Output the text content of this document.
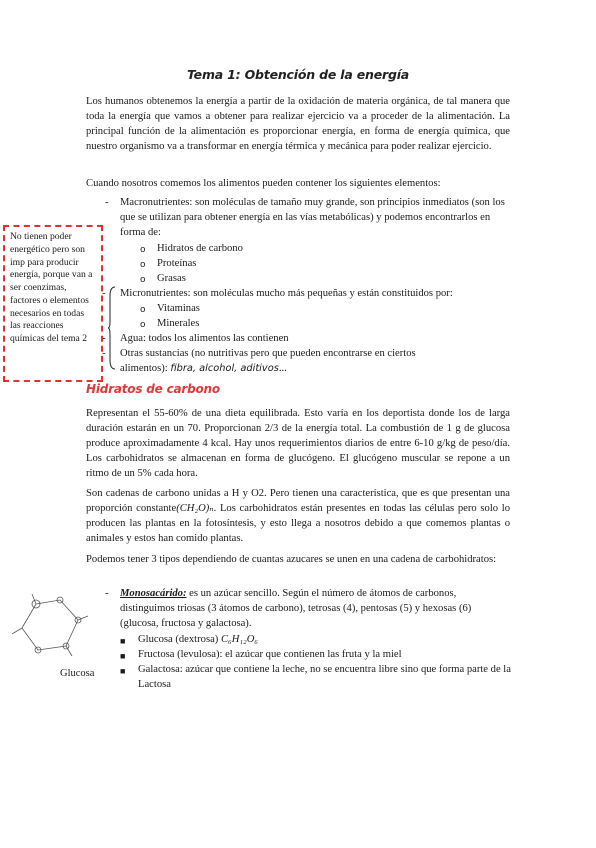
Tema 1: Obtención de la energía

Los humanos obtenemos la energía a partir de la oxidación de materia orgánica, de tal manera que toda la energía que vamos a obtener para realizar ejercicio va a proceder de la alimentación. La principal función de la alimentación es proporcionar energía, en forma de energía química, que nuestro organismo va a transformar en energía térmica y mecánica para poder realizar ejercicio.

Cuando nosotros comemos los alimentos pueden contener los siguientes elementos:

- Macronutrientes: son moléculas de tamaño muy grande, son principios inmediatos (son los que se utilizan para obtener energía en las vías metabólicas) y podemos encontrarlos en forma de:

o Hidratos de carbono
o Proteínas
o Grasas
- Micronutrientes: son moléculas mucho más pequeñas y están constituidos por:
o Vitaminas
o Minerales
- Agua: todos los alimentos las contienen
- Otras sustancias (no nutritivas pero que pueden encontrarse en ciertos
alimentos): fibra, alcohol, aditivos...
No tienen poder energético pero son imp para producir energía, porque van a ser coenzimas, factores o elementos necesarios en todas las reacciones químicas del tema 2
Hidratos de carbono

Representan el 55-60% de una dieta equilibrada. Esto varía en los deportista donde los de larga duración estarán en un 70. Proporcionan 2/3 de la energía total. La combustión de 1 g de glucosa produce aproximadamente 4 kcal. Hay unos requerimientos diarios de entre 6-10 g/kg de peso/día. Los carbohidratos se almacenan en forma de glucógeno. El glucógeno muscular se repone a un ritmo de un 5% cada hora.

Son cadenas de carbono unidas a H y O2. Pero tienen una característica, que es que presentan una proporción constante(CH₂O)ₙ. Los carbohidratos están presentes en todas las células pero solo lo producen las plantas en la fotosíntesis, y esto llega a nosotros debido a que comemos plantas o animales y estos han comido plantas.

Podemos tener 3 tipos dependiendo de cuantas azucares se unen en una cadena de carbohidratos:

- Monosacárido: es un azúcar sencillo. Según el número de átomos de carbonos, distinguimos triosas (3 átomos de carbono), tetrosas (4), pentosas (5) y hexosas (6) (glucosa, fructosa y galactosa).

■ Glucosa (dextrosa) C₆H₁₂O₆
■ Fructosa (levulosa): el azúcar que contienen las fruta y la miel
■ Galactosa: azúcar que contiene la leche, no se encuentra libre sino que forma parte de la Lactosa
Glucosa
